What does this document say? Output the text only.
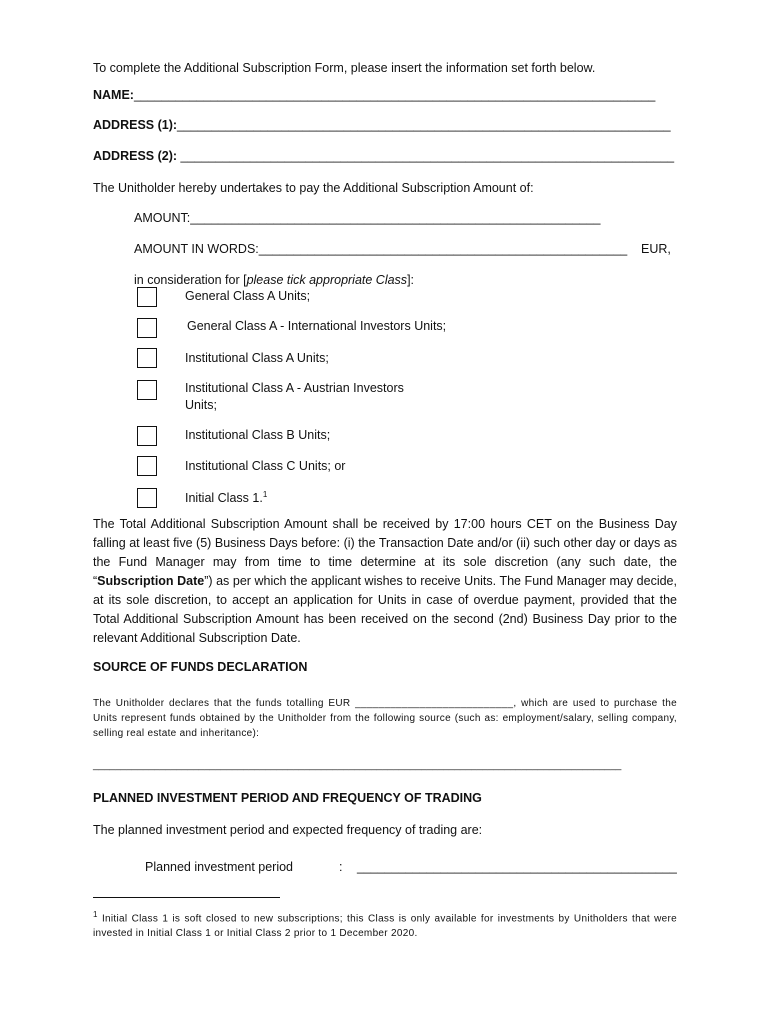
To complete the Additional Subscription Form, please insert the information set forth below.
NAME:___________________________________________________________________________
ADDRESS (1):_______________________________________________________________________
ADDRESS (2): _______________________________________________________________________
The Unitholder hereby undertakes to pay the Additional Subscription Amount of:
AMOUNT:___________________________________________________________
AMOUNT IN WORDS:_____________________________________________________ EUR,
in consideration for [please tick appropriate Class]:
General Class A Units;
General Class A - International Investors Units;
Institutional Class A Units;
Institutional Class A - Austrian Investors
Units;
Institutional Class B Units;
Institutional Class C Units; or
Initial Class 1.$^1$
The Total Additional Subscription Amount shall be received by 17:00 hours CET on the Business Day falling at least five (5) Business Days before: (i) the Transaction Date and/or (ii) such other day or days as the Fund Manager may from time to time determine at its sole discretion (any such date, the “Subscription Date”) as per which the applicant wishes to receive Units. The Fund Manager may decide, at its sole discretion, to accept an application for Units in case of overdue payment, provided that the Total Additional Subscription Amount has been received on the second (2nd) Business Day prior to the relevant Additional Subscription Date.
SOURCE OF FUNDS DECLARATION
The Unitholder declares that the funds totalling EUR ___________________________, which are used to purchase the Units represent funds obtained by the Unitholder from the following source (such as: employment/salary, selling company, selling real estate and inheritance):
_______________________________________________________________________________________________
PLANNED INVESTMENT PERIOD AND FREQUENCY OF TRADING
The planned investment period and expected frequency of trading are:
Planned investment period	: ______________________________________________
$^1$ Initial Class 1 is soft closed to new subscriptions; this Class is only available for investments by Unitholders that were invested in Initial Class 1 or Initial Class 2 prior to 1 December 2020.
